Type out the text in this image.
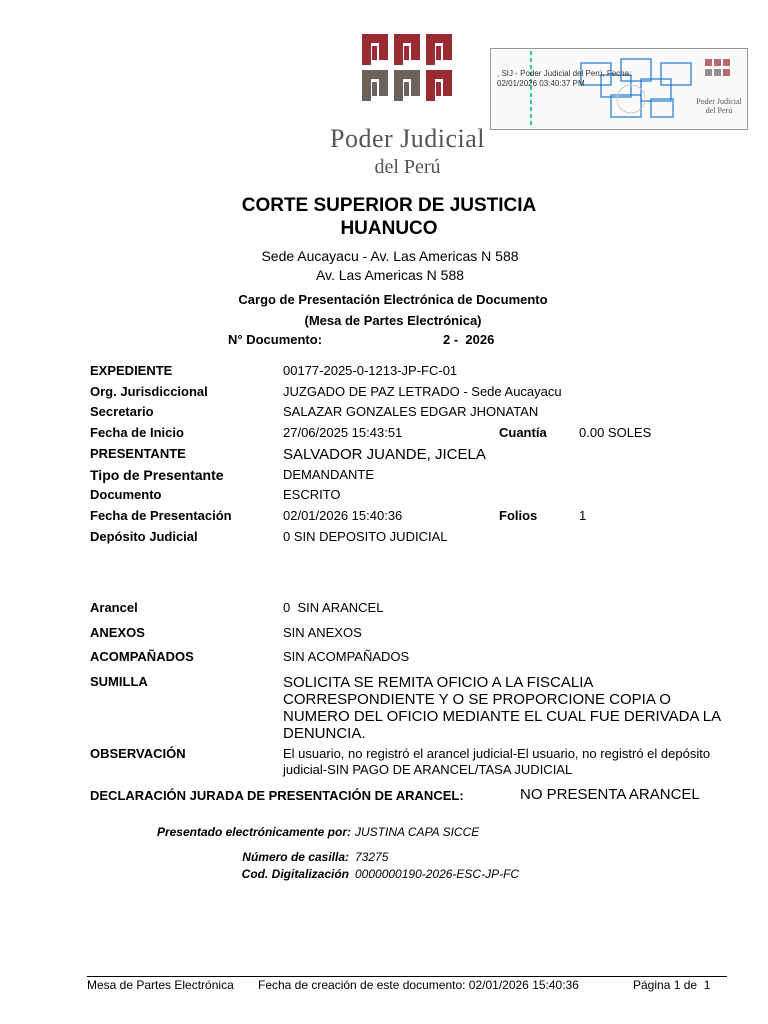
Poder Judicial
del Perú
, SIJ - Poder Judicial del Perú, Fecha: 02/01/2026 03:40:37 PM
Poder Judicial
del Perú
CORTE SUPERIOR DE JUSTICIA
HUANUCO
Sede Aucayacu - Av. Las Americas N 588
Av. Las Americas N 588
Cargo de Presentación Electrónica de Documento
(Mesa de Partes Electrónica)
N° Documento:	2 -  2026
EXPEDIENTE	00177-2025-0-1213-JP-FC-01
Org. Jurisdiccional	JUZGADO DE PAZ LETRADO - Sede Aucayacu
Secretario	SALAZAR GONZALES EDGAR JHONATAN
Fecha de Inicio	27/06/2025 15:43:51	Cuantía 0.00 SOLES
PRESENTANTE	SALVADOR JUANDE, JICELA
Tipo de Presentante	DEMANDANTE
Documento	ESCRITO
Fecha de Presentación	02/01/2026 15:40:36	Folios	1
Depósito Judicial	0 SIN DEPOSITO JUDICIAL
Arancel	0  SIN ARANCEL
ANEXOS	SIN ANEXOS
ACOMPAÑADOS	SIN ACOMPAÑADOS
SUMILLA	SOLICITA SE REMITA OFICIO A LA FISCALIA CORRESPONDIENTE Y O SE PROPORCIONE COPIA O NUMERO DEL OFICIO MEDIANTE EL CUAL FUE DERIVADA LA DENUNCIA.
OBSERVACIÓN	El usuario, no registró el arancel judicial-El usuario, no registró el depósito judicial-SIN PAGO DE ARANCEL/TASA JUDICIAL
DECLARACIÓN JURADA DE PRESENTACIÓN DE ARANCEL:	NO PRESENTA ARANCEL
Presentado electrónicamente por: JUSTINA CAPA SICCE
Número de casilla: 73275
Cod. Digitalización 0000000190-2026-ESC-JP-FC
Mesa de Partes Electrónica Fecha de creación de este documento: 02/01/2026 15:40:36	Página 1 de  1
